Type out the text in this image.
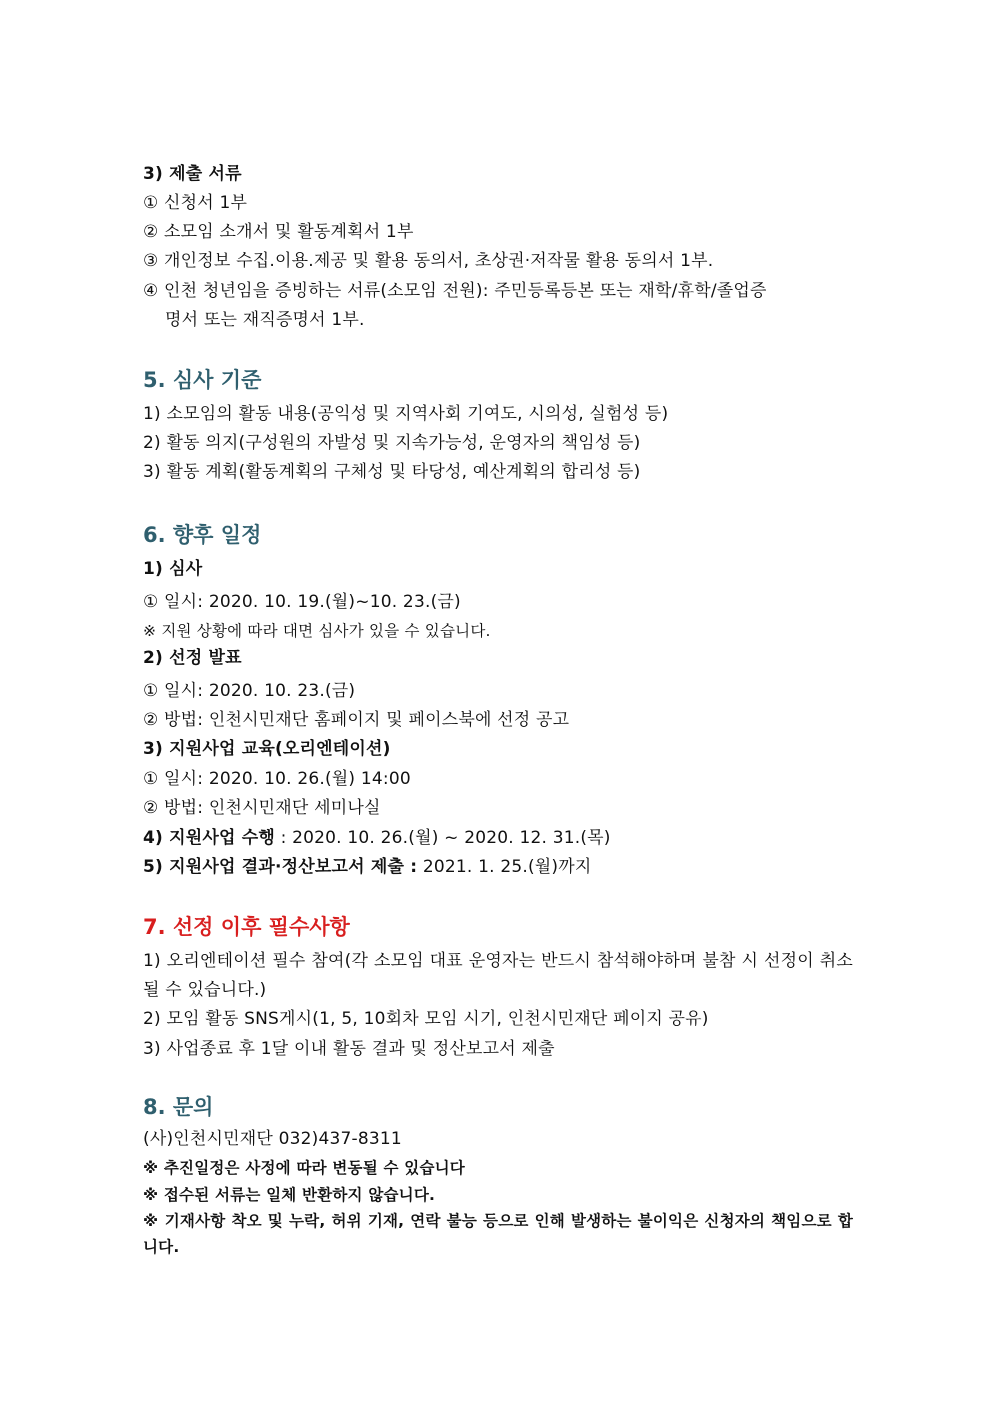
3) 제출 서류
① 신청서 1부
② 소모임 소개서 및 활동계획서 1부
③ 개인정보 수집.이용.제공 및 활용 동의서, 초상권·저작물 활용 동의서 1부.
④ 인천 청년임을 증빙하는 서류(소모임 전원): 주민등록등본 또는 재학/휴학/졸업증
명서 또는 재직증명서 1부.
5. 심사 기준
1) 소모임의 활동 내용(공익성 및 지역사회 기여도, 시의성, 실험성 등)
2) 활동 의지(구성원의 자발성 및 지속가능성, 운영자의 책임성 등)
3) 활동 계획(활동계획의 구체성 및 타당성, 예산계획의 합리성 등)
6. 향후 일정
1) 심사
① 일시: 2020. 10. 19.(월)~10. 23.(금)
※ 지원 상황에 따라 대면 심사가 있을 수 있습니다.
2) 선정 발표
① 일시: 2020. 10. 23.(금)
② 방법: 인천시민재단 홈페이지 및 페이스북에 선정 공고
3) 지원사업 교육(오리엔테이션)
① 일시: 2020. 10. 26.(월) 14:00
② 방법: 인천시민재단 세미나실
4) 지원사업 수행 : 2020. 10. 26.(월) ~ 2020. 12. 31.(목)
5) 지원사업 결과·정산보고서 제출 : 2021. 1. 25.(월)까지
7. 선정 이후 필수사항
1) 오리엔테이션 필수 참여(각 소모임 대표 운영자는 반드시 참석해야하며 불참 시 선정이 취소될 수 있습니다.)
2) 모임 활동 SNS게시(1, 5, 10회차 모임 시기, 인천시민재단 페이지 공유)
3) 사업종료 후 1달 이내 활동 결과 및 정산보고서 제출
8. 문의
(사)인천시민재단 032)437-8311
※ 추진일정은 사정에 따라 변동될 수 있습니다
※ 접수된 서류는 일체 반환하지 않습니다.
※ 기재사항 착오 및 누락, 허위 기재, 연락 불능 등으로 인해 발생하는 불이익은 신청자의 책임으로 합니다.
